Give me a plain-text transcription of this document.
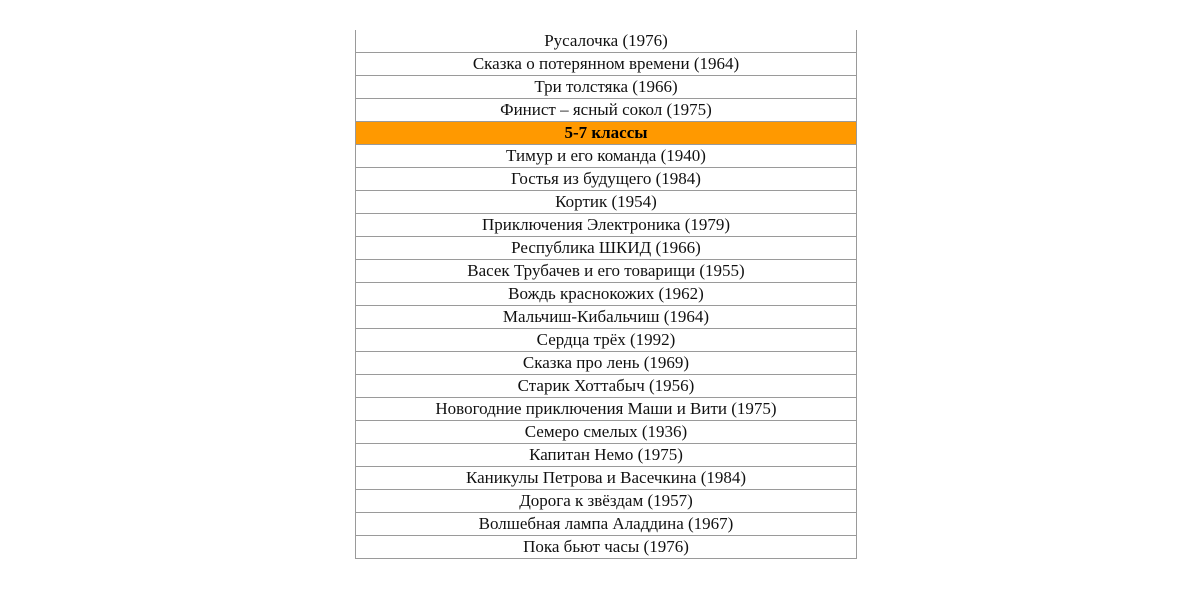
Русалочка (1976)
Сказка о потерянном времени (1964)
Три толстяка (1966)
Финист – ясный сокол (1975)
5-7 классы
Тимур и его команда (1940)
Гостья из будущего (1984)
Кортик (1954)
Приключения Электроника (1979)
Республика ШКИД (1966)
Васек Трубачев и его товарищи (1955)
Вождь краснокожих (1962)
Мальчиш-Кибальчиш (1964)
Сердца трёх (1992)
Сказка про лень (1969)
Старик Хоттабыч (1956)
Новогодние приключения Маши и Вити (1975)
Семеро смелых (1936)
Капитан Немо (1975)
Каникулы Петрова и Васечкина (1984)
Дорога к звёздам (1957)
Волшебная лампа Аладдина (1967)
Пока бьют часы (1976)
